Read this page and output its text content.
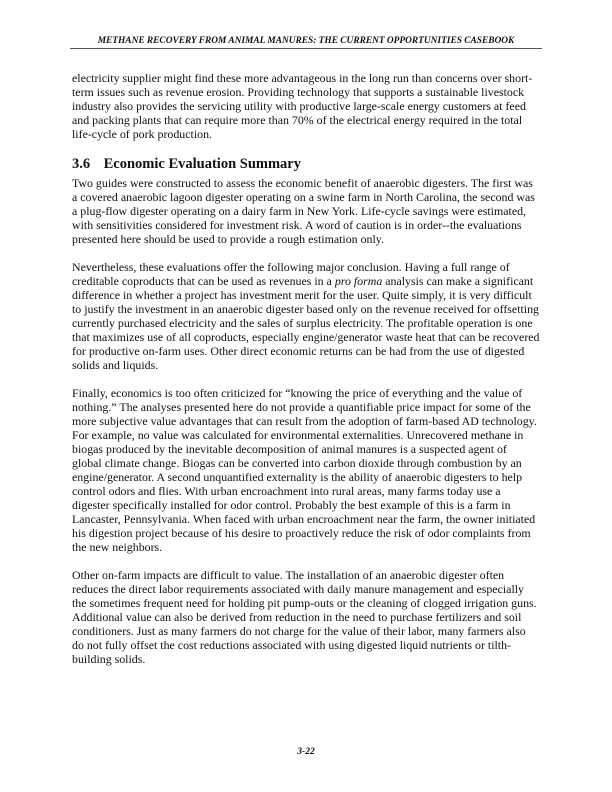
METHANE RECOVERY FROM ANIMAL MANURES: THE CURRENT OPPORTUNITIES CASEBOOK

electricity supplier might find these more advantageous in the long run than concerns over short-
term issues such as revenue erosion. Providing technology that supports a sustainable livestock
industry also provides the servicing utility with productive large-scale energy customers at feed
and packing plants that can require more than 70% of the electrical energy required in the total
life-cycle of pork production.

3.6 Economic Evaluation Summary

Two guides were constructed to assess the economic benefit of anaerobic digesters. The first was
a covered anaerobic lagoon digester operating on a swine farm in North Carolina, the second was
a plug-flow digester operating on a dairy farm in New York. Life-cycle savings were estimated,
with sensitivities considered for investment risk. A word of caution is in order--the evaluations
presented here should be used to provide a rough estimation only.

Nevertheless, these evaluations offer the following major conclusion. Having a full range of
creditable coproducts that can be used as revenues in a pro forma analysis can make a significant
difference in whether a project has investment merit for the user. Quite simply, it is very difficult
to justify the investment in an anaerobic digester based only on the revenue received for offsetting
currently purchased electricity and the sales of surplus electricity. The profitable operation is one
that maximizes use of all coproducts, especially engine/generator waste heat that can be recovered
for productive on-farm uses. Other direct economic returns can be had from the use of digested
solids and liquids.

Finally, economics is too often criticized for “knowing the price of everything and the value of
nothing.” The analyses presented here do not provide a quantifiable price impact for some of the
more subjective value advantages that can result from the adoption of farm-based AD technology.
For example, no value was calculated for environmental externalities. Unrecovered methane in
biogas produced by the inevitable decomposition of animal manures is a suspected agent of
global climate change. Biogas can be converted into carbon dioxide through combustion by an
engine/generator. A second unquantified externality is the ability of anaerobic digesters to help
control odors and flies. With urban encroachment into rural areas, many farms today use a
digester specifically installed for odor control. Probably the best example of this is a farm in
Lancaster, Pennsylvania. When faced with urban encroachment near the farm, the owner initiated
his digestion project because of his desire to proactively reduce the risk of odor complaints from
the new neighbors.

Other on-farm impacts are difficult to value. The installation of an anaerobic digester often
reduces the direct labor requirements associated with daily manure management and especially
the sometimes frequent need for holding pit pump-outs or the cleaning of clogged irrigation guns.
Additional value can also be derived from reduction in the need to purchase fertilizers and soil
conditioners. Just as many farmers do not charge for the value of their labor, many farmers also
do not fully offset the cost reductions associated with using digested liquid nutrients or tilth-
building solids.

3-22
